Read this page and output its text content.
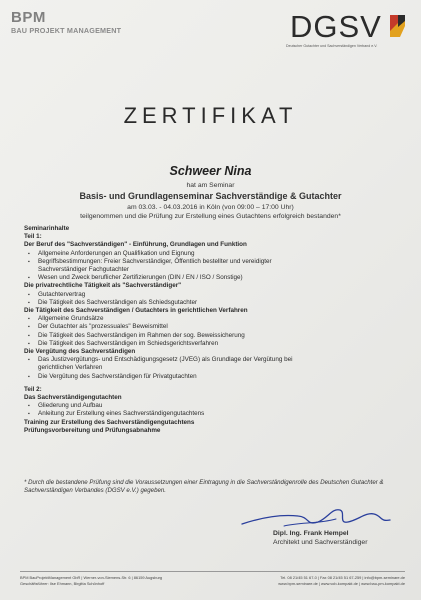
BPM
BAU PROJEKT MANAGEMENT	DGSV
Deutscher Gutachter und Sachverständigen Verband e.V.
ZERTIFIKAT
Schweer Nina
hat am Seminar
Basis- und Grundlagenseminar Sachverständige & Gutachter
am 03.03. - 04.03.2016 in Köln (von 09:00 – 17:00 Uhr)
teilgenommen und die Prüfung zur Erstellung eines Gutachtens erfolgreich bestanden*
Seminarinhalte
Teil 1:
Der Beruf des "Sachverständigen" - Einführung, Grundlagen und Funktion
▪ Allgemeine Anforderungen an Qualifikation und Eignung
▪ Begriffsbestimmungen: Freier Sachverständiger, Öffentlich bestellter und vereidigter
Sachverständiger Fachgutachter
▪ Wesen und Zweck beruflicher Zertifizierungen (DIN / EN / ISO / Sonstige)
Die privatrechtliche Tätigkeit als "Sachverständiger"
▪ Gutachtervertrag
▪ Die Tätigkeit des Sachverständigen als Schiedsgutachter
Die Tätigkeit des Sachverständigen / Gutachters in gerichtlichen Verfahren
▪ Allgemeine Grundsätze
▪ Der Gutachter als "prozessuales" Beweismittel
▪ Die Tätigkeit des Sachverständigen im Rahmen der sog. Beweissicherung
▪ Die Tätigkeit des Sachverständigen im Schiedsgerichtsverfahren
Die Vergütung des Sachverständigen
▪ Das Justizvergütungs- und Entschädigungsgesetz (JVEG) als Grundlage der Vergütung bei
gerichtlichen Verfahren
▪ Die Vergütung des Sachverständigen für Privatgutachten
Teil 2:
Das Sachverständigengutachten
▪ Gliederung und Aufbau
▪ Anleitung zur Erstellung eines Sachverständigengutachtens
Training zur Erstellung des Sachverständigengutachtens
Prüfungsvorbereitung und Prüfungsabnahme
* Durch die bestandene Prüfung sind die Voraussetzungen einer Eintragung in die Sachverständigenrolle des Deutschen Gutachter & Sachverständigen Verbandes (DGSV e.V.) gegeben.
Dipl. Ing. Frank Hempel
Architekt und Sachverständiger
BPM BauProjektManagement GbR | Werner-von-Siemens-Str. 6 | 86159 Augsburg	Tel. 08 21/45 51 67-0 | Fax 08 21/45 51 67-259 | info@bpm-seminare.de
Geschäftsführer: Ilse Ehmann, Birgitta Schönhoff	www.bpm-seminare.de | www.vob-kompakt.de | www.bau-pm-kompakt.de
